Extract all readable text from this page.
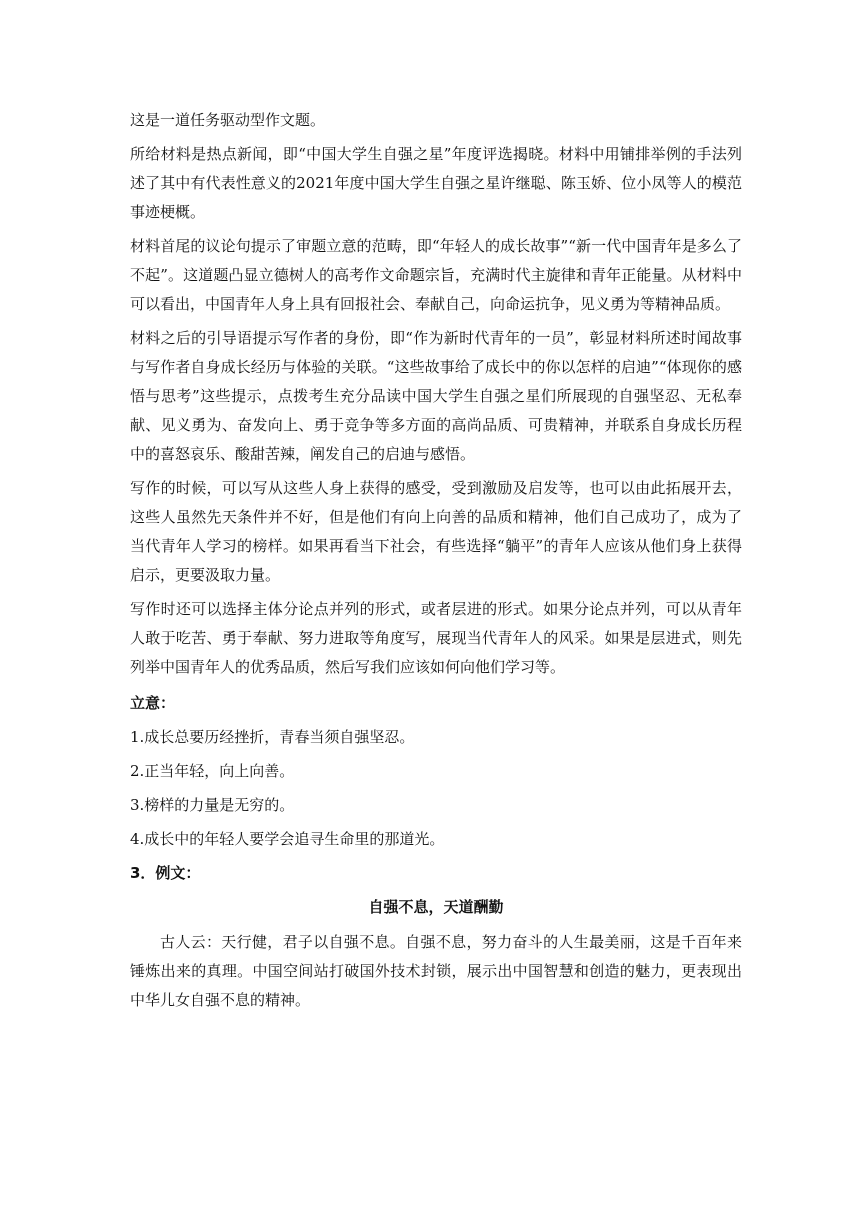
这是一道任务驱动型作文题。

所给材料是热点新闻，即“中国大学生自强之星”年度评选揭晓。材料中用铺排举例的手法列述了其中有代表性意义的2021年度中国大学生自强之星许继聪、陈玉娇、位小凤等人的模范事迹梗概。

材料首尾的议论句提示了审题立意的范畴，即“年轻人的成长故事”“新一代中国青年是多么了不起”。这道题凸显立德树人的高考作文命题宗旨，充满时代主旋律和青年正能量。从材料中可以看出，中国青年人身上具有回报社会、奉献自己，向命运抗争，见义勇为等精神品质。

材料之后的引导语提示写作者的身份，即“作为新时代青年的一员”，彰显材料所述时闻故事与写作者自身成长经历与体验的关联。“这些故事给了成长中的你以怎样的启迪”“体现你的感悟与思考”这些提示，点拨考生充分品读中国大学生自强之星们所展现的自强坚忍、无私奉献、见义勇为、奋发向上、勇于竞争等多方面的高尚品质、可贵精神，并联系自身成长历程中的喜怒哀乐、酸甜苦辣，阐发自己的启迪与感悟。

写作的时候，可以写从这些人身上获得的感受，受到激励及启发等，也可以由此拓展开去，这些人虽然先天条件并不好，但是他们有向上向善的品质和精神，他们自己成功了，成为了当代青年人学习的榜样。如果再看当下社会，有些选择“躺平”的青年人应该从他们身上获得启示，更要汲取力量。

写作时还可以选择主体分论点并列的形式，或者层进的形式。如果分论点并列，可以从青年人敢于吃苦、勇于奉献、努力进取等角度写，展现当代青年人的风采。如果是层进式，则先列举中国青年人的优秀品质，然后写我们应该如何向他们学习等。

立意：

1.成长总要历经挫折，青春当须自强坚忍。

2.正当年轻，向上向善。

3.榜样的力量是无穷的。

4.成长中的年轻人要学会追寻生命里的那道光。

3．例文：

自强不息，天道酬勤

古人云：天行健，君子以自强不息。自强不息，努力奋斗的人生最美丽，这是千百年来锤炼出来的真理。中国空间站打破国外技术封锁，展示出中国智慧和创造的魅力，更表现出中华儿女自强不息的精神。
